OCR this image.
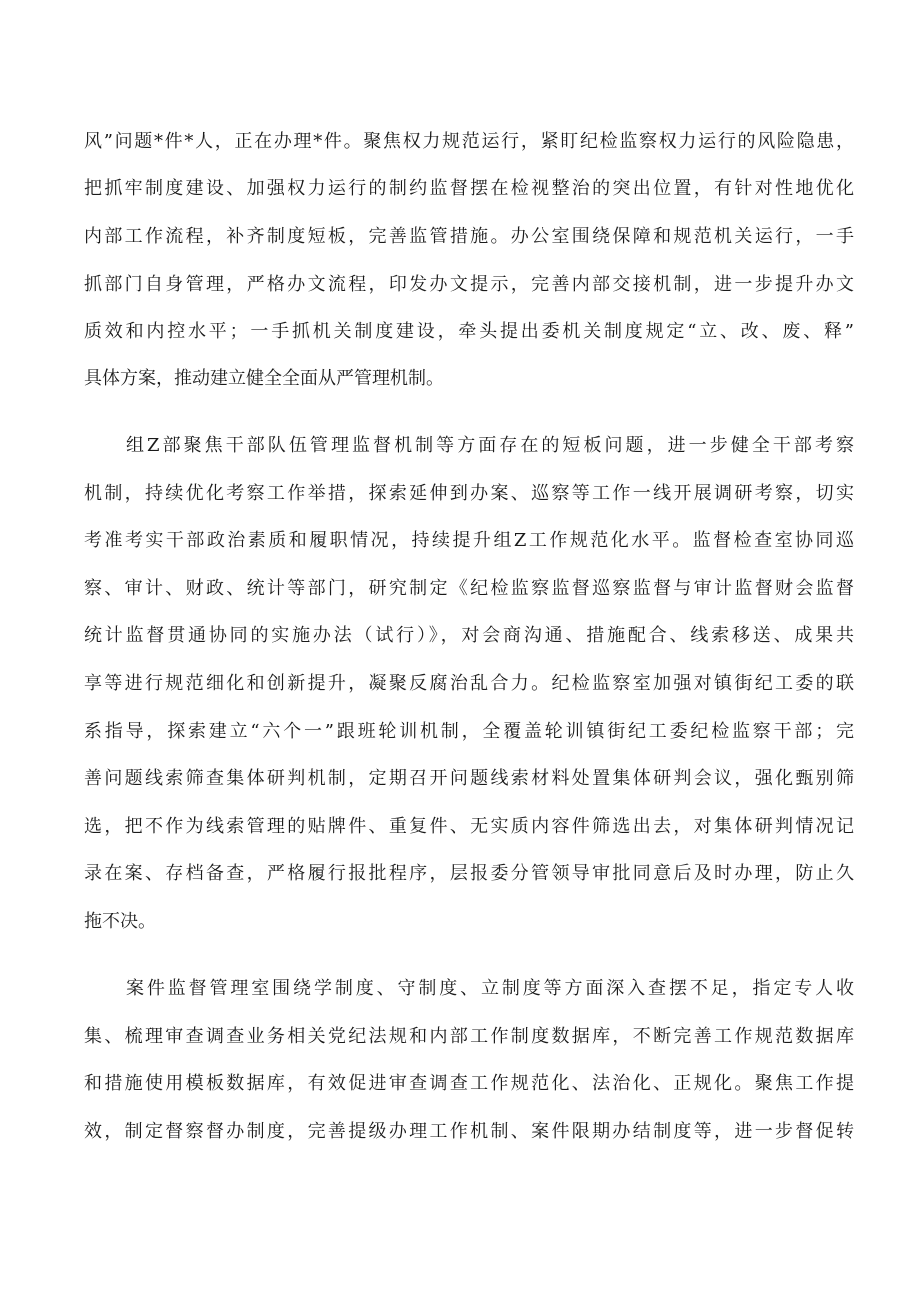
风”问题*件*人，正在办理*件。聚焦权力规范运行，紧盯纪检监察权力运行的风险隐患，
把抓牢制度建设、加强权力运行的制约监督摆在检视整治的突出位置，有针对性地优化
内部工作流程，补齐制度短板，完善监管措施。办公室围绕保障和规范机关运行，一手
抓部门自身管理，严格办文流程，印发办文提示，完善内部交接机制，进一步提升办文
质效和内控水平；一手抓机关制度建设，牵头提出委机关制度规定“立、改、废、释”
具体方案，推动建立健全全面从严管理机制。
组Z部聚焦干部队伍管理监督机制等方面存在的短板问题，进一步健全干部考察
机制，持续优化考察工作举措，探索延伸到办案、巡察等工作一线开展调研考察，切实
考准考实干部政治素质和履职情况，持续提升组Z工作规范化水平。监督检查室协同巡
察、审计、财政、统计等部门，研究制定《纪检监察监督巡察监督与审计监督财会监督
统计监督贯通协同的实施办法（试行）》，对会商沟通、措施配合、线索移送、成果共
享等进行规范细化和创新提升，凝聚反腐治乱合力。纪检监察室加强对镇街纪工委的联
系指导，探索建立“六个一”跟班轮训机制，全覆盖轮训镇街纪工委纪检监察干部；完
善问题线索筛查集体研判机制，定期召开问题线索材料处置集体研判会议，强化甄别筛
选，把不作为线索管理的贴牌件、重复件、无实质内容件筛选出去，对集体研判情况记
录在案、存档备查，严格履行报批程序，层报委分管领导审批同意后及时办理，防止久
拖不决。
案件监督管理室围绕学制度、守制度、立制度等方面深入查摆不足，指定专人收
集、梳理审查调查业务相关党纪法规和内部工作制度数据库，不断完善工作规范数据库
和措施使用模板数据库，有效促进审查调查工作规范化、法治化、正规化。聚焦工作提
效，制定督察督办制度，完善提级办理工作机制、案件限期办结制度等，进一步督促转
